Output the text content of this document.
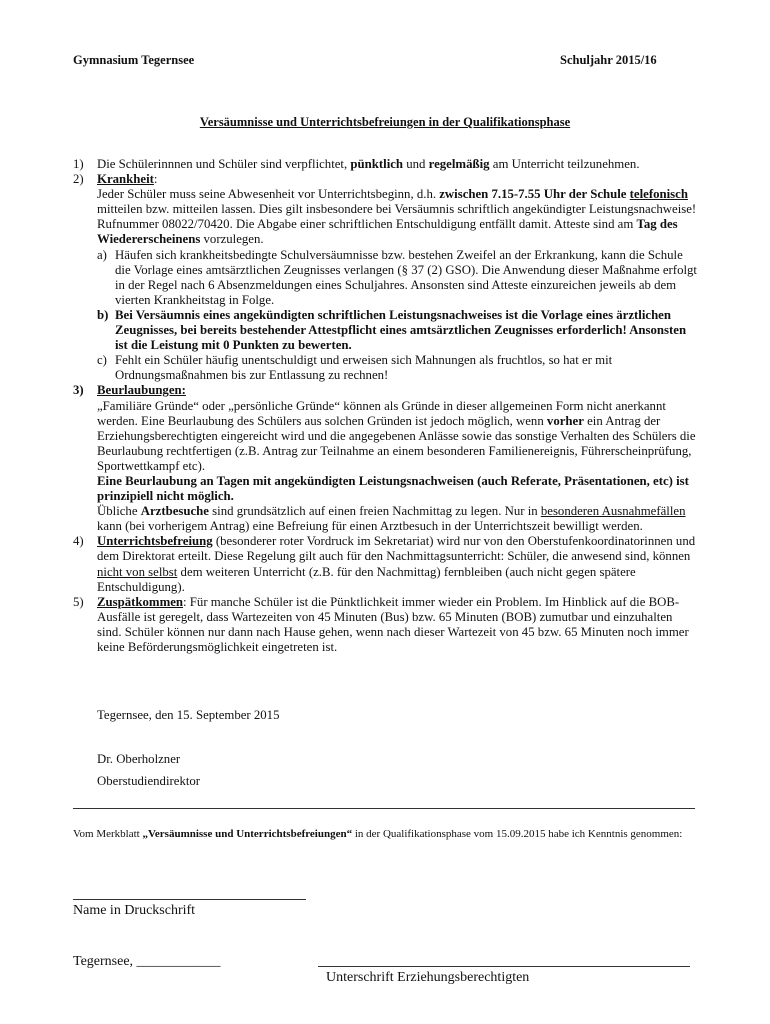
Gymnasium Tegernsee	Schuljahr 2015/16
Versäumnisse und Unterrichtsbefreiungen in der Qualifikationsphase
1)	Die Schülerinnnen und Schüler sind verpflichtet, pünktlich und regelmäßig am Unterricht teilzunehmen.
2)	Krankheit:
Jeder Schüler muss seine Abwesenheit vor Unterrichtsbeginn, d.h. zwischen 7.15-7.55 Uhr der Schule telefonisch mitteilen bzw. mitteilen lassen. Dies gilt insbesondere bei Versäumnis schriftlich angekündigter Leistungsnachweise! Rufnummer 08022/70420. Die Abgabe einer schriftlichen Entschuldigung entfällt damit. Atteste sind am Tag des Wiedererscheinens vorzulegen.
a) Häufen sich krankheitsbedingte Schulversäumnisse bzw. bestehen Zweifel an der Erkrankung, kann die Schule die Vorlage eines amtsärztlichen Zeugnisses verlangen (§ 37 (2) GSO). Die Anwendung dieser Maßnahme erfolgt in der Regel nach 6 Absenzmeldungen eines Schuljahres. Ansonsten sind Atteste einzureichen jeweils ab dem vierten Krankheitstag in Folge.
b) Bei Versäumnis eines angekündigten schriftlichen Leistungsnachweises ist die Vorlage eines ärztlichen Zeugnisses, bei bereits bestehender Attestpflicht eines amtsärztlichen Zeugnisses erforderlich! Ansonsten ist die Leistung mit 0 Punkten zu bewerten.
c) Fehlt ein Schüler häufig unentschuldigt und erweisen sich Mahnungen als fruchtlos, so hat er mit Ordnungsmaßnahmen bis zur Entlassung zu rechnen!
3)	Beurlaubungen:
„Familiäre Gründe“ oder „persönliche Gründe“ können als Gründe in dieser allgemeinen Form nicht anerkannt werden. Eine Beurlaubung des Schülers aus solchen Gründen ist jedoch möglich, wenn vorher ein Antrag der Erziehungsberechtigten eingereicht wird und die angegebenen Anlässe sowie das sonstige Verhalten des Schülers die Beurlaubung rechtfertigen (z.B. Antrag zur Teilnahme an einem besonderen Familienereignis, Führerscheinprüfung, Sportwettkampf etc).
Eine Beurlaubung an Tagen mit angekündigten Leistungsnachweisen (auch Referate, Präsentationen, etc) ist prinzipiell nicht möglich.
Übliche Arztbesuche sind grundsätzlich auf einen freien Nachmittag zu legen. Nur in besonderen Ausnahmefällen kann (bei vorherigem Antrag) eine Befreiung für einen Arztbesuch in der Unterrichtszeit bewilligt werden.
4)	Unterrichtsbefreiung (besonderer roter Vordruck im Sekretariat) wird nur von den Oberstufenkoordinatorinnen und dem Direktorat erteilt. Diese Regelung gilt auch für den Nachmittagsunterricht: Schüler, die anwesend sind, können nicht von selbst dem weiteren Unterricht (z.B. für den Nachmittag) fernbleiben (auch nicht gegen spätere Entschuldigung).
5)	Zuspätkommen: Für manche Schüler ist die Pünktlichkeit immer wieder ein Problem. Im Hinblick auf die BOB-Ausfälle ist geregelt, dass Wartezeiten von 45 Minuten (Bus) bzw. 65 Minuten (BOB) zumutbar und einzuhalten sind. Schüler können nur dann nach Hause gehen, wenn nach dieser Wartezeit von 45 bzw. 65 Minuten noch immer keine Beförderungsmöglichkeit eingetreten ist.
Tegernsee, den 15. September 2015
Dr. Oberholzner
Oberstudiendirektor
Vom Merkblatt „Versäumnisse und Unterrichtsbefreiungen“ in der Qualifikationsphase vom 15.09.2015 habe ich Kenntnis genommen:
Name in Druckschrift
Tegernsee, ____________
Unterschrift Erziehungsberechtigten
